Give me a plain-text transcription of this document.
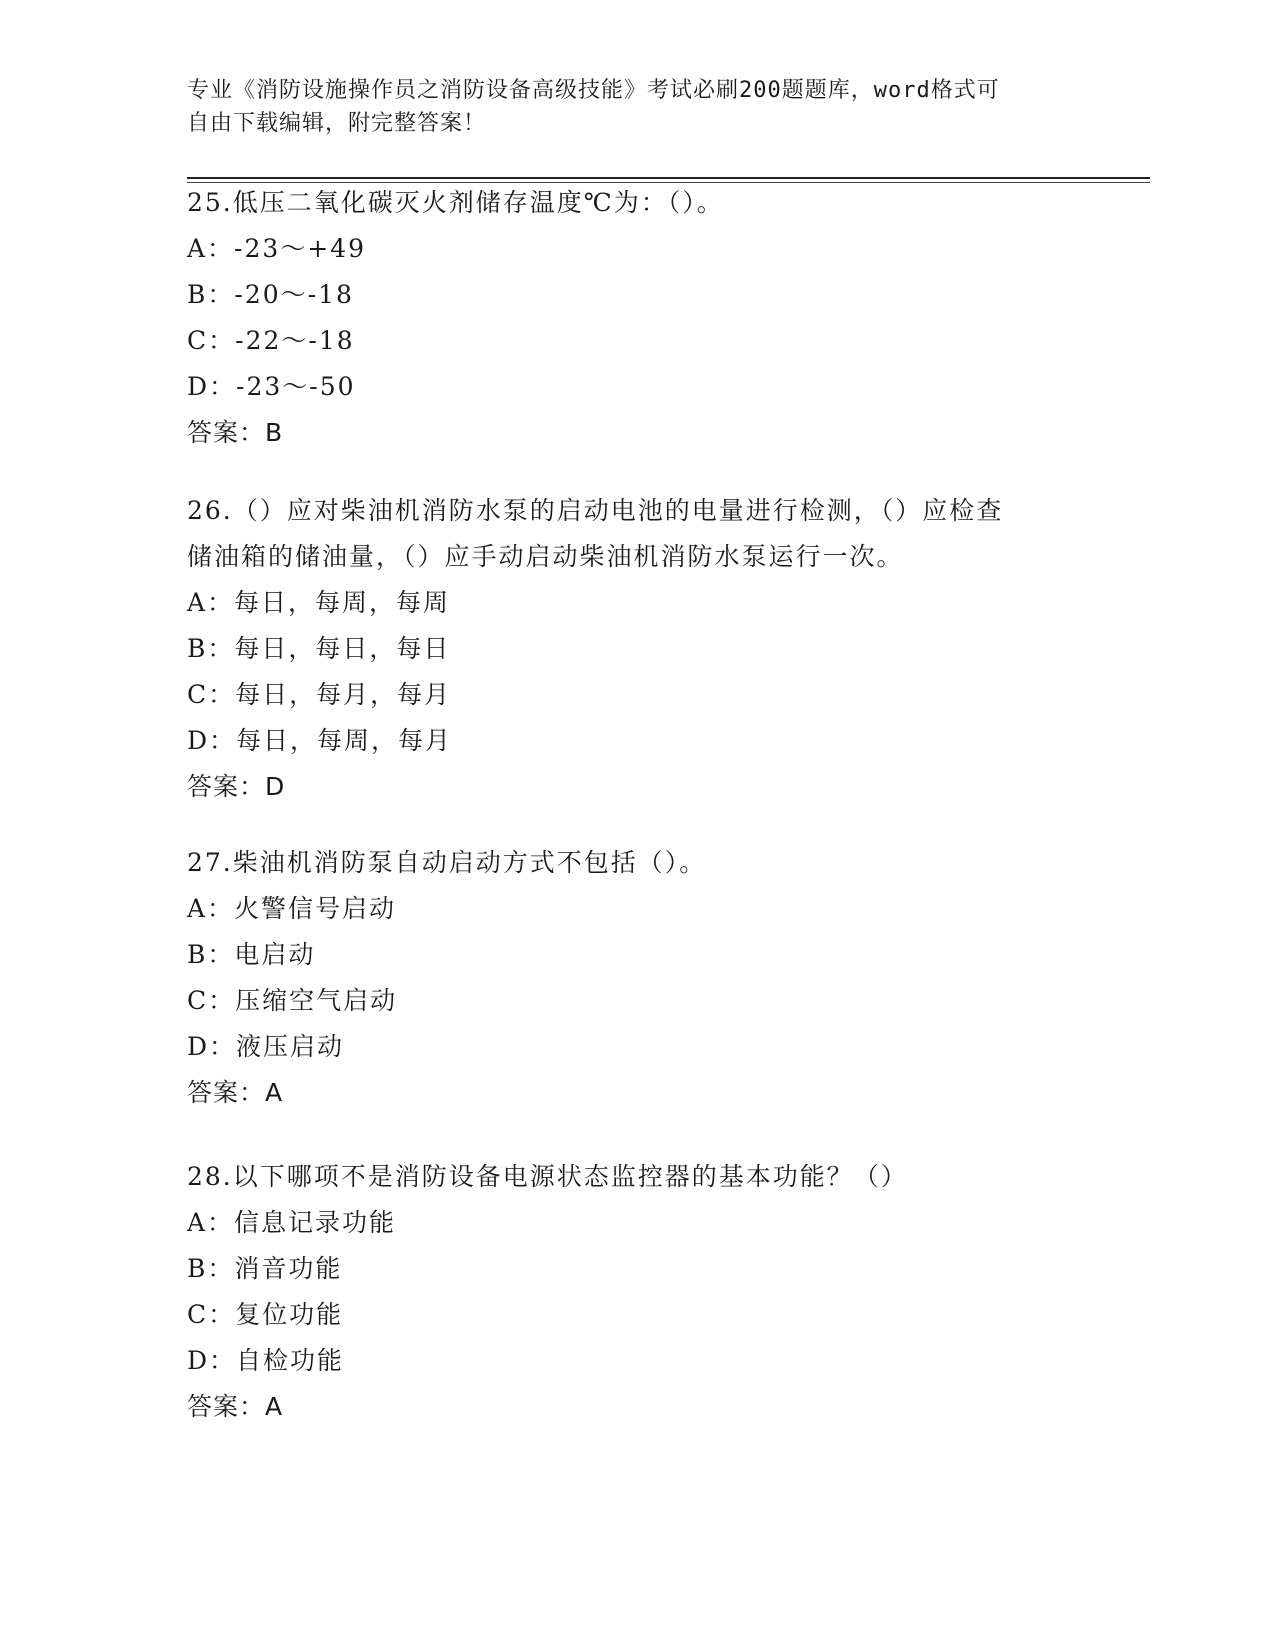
专业《消防设施操作员之消防设备高级技能》考试必刷200题题库，word格式可
自由下载编辑，附完整答案！
25.低压二氧化碳灭火剂储存温度℃为：（）。
A：-23～+49
B：-20～-18
C：-22～-18
D：-23～-50
答案：B
26.（）应对柴油机消防水泵的启动电池的电量进行检测，（）应检查
储油箱的储油量，（）应手动启动柴油机消防水泵运行一次。
A：每日，每周，每周
B：每日，每日，每日
C：每日，每月，每月
D：每日，每周，每月
答案：D
27.柴油机消防泵自动启动方式不包括（）。
A：火警信号启动
B：电启动
C：压缩空气启动
D：液压启动
答案：A
28.以下哪项不是消防设备电源状态监控器的基本功能？（）
A：信息记录功能
B：消音功能
C：复位功能
D：自检功能
答案：A
